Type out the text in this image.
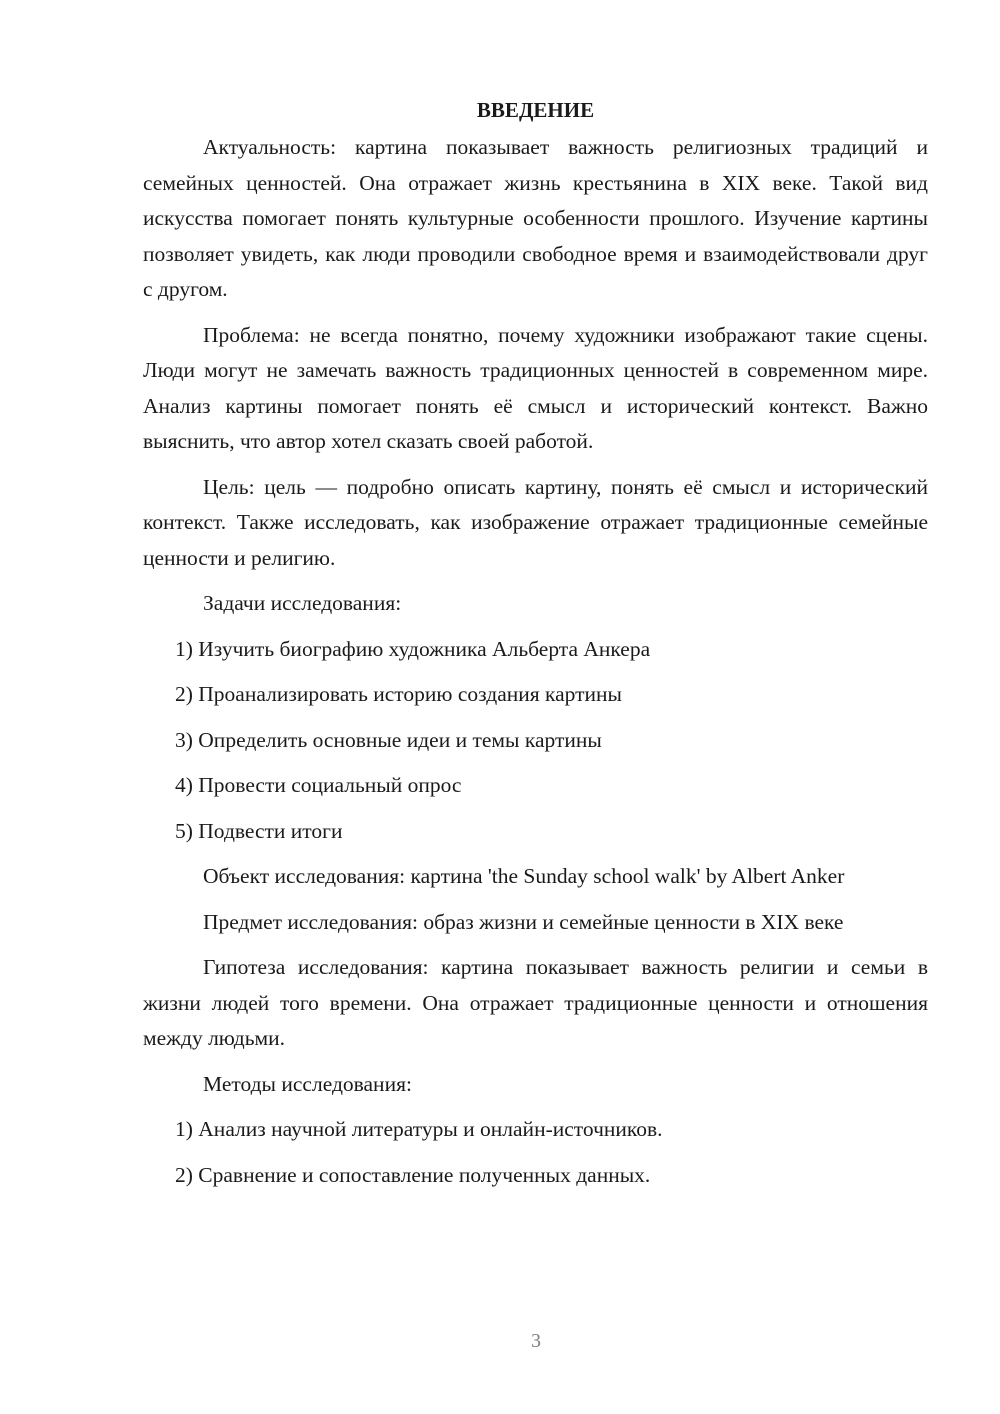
ВВЕДЕНИЕ

Актуальность: картина показывает важность религиозных традиций и семейных ценностей. Она отражает жизнь крестьянина в XIX веке. Такой вид искусства помогает понять культурные особенности прошлого. Изучение картины позволяет увидеть, как люди проводили свободное время и взаимодействовали друг с другом.

Проблема: не всегда понятно, почему художники изображают такие сцены. Люди могут не замечать важность традиционных ценностей в современном мире. Анализ картины помогает понять её смысл и исторический контекст. Важно выяснить, что автор хотел сказать своей работой.

Цель: цель — подробно описать картину, понять её смысл и исторический контекст. Также исследовать, как изображение отражает традиционные семейные ценности и религию.

Задачи исследования:

1) Изучить биографию художника Альберта Анкера
2) Проанализировать историю создания картины
3) Определить основные идеи и темы картины
4) Провести социальный опрос
5) Подвести итоги

Объект исследования: картина 'the Sunday school walk' by Albert Anker

Предмет исследования: образ жизни и семейные ценности в XIX веке

Гипотеза исследования: картина показывает важность религии и семьи в жизни людей того времени. Она отражает традиционные ценности и отношения между людьми.

Методы исследования:

1) Анализ научной литературы и онлайн-источников.
2) Сравнение и сопоставление полученных данных.
3
